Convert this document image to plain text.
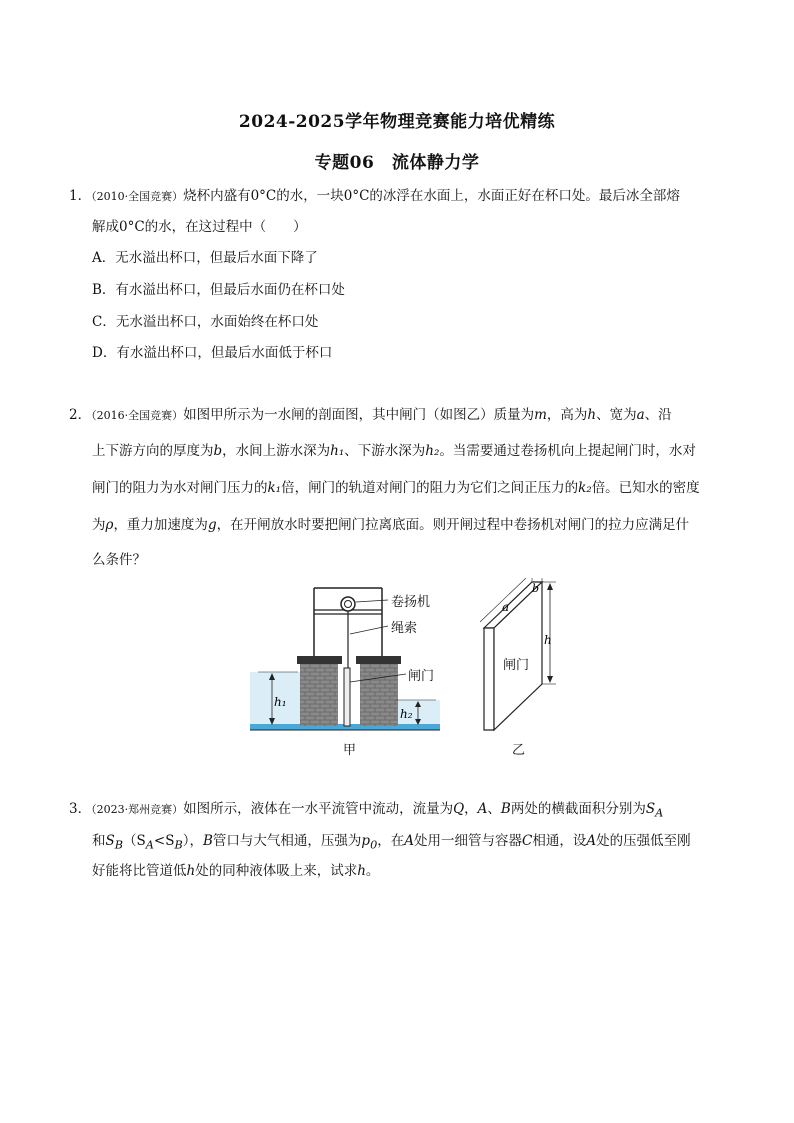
2024-2025学年物理竞赛能力培优精练
专题06　流体静力学
1．（2010·全国竞赛）烧杯内盛有0°C的水，一块0°C的冰浮在水面上，水面正好在杯口处。最后冰全部熔
解成0°C的水，在这过程中（　　）
A．无水溢出杯口，但最后水面下降了
B．有水溢出杯口，但最后水面仍在杯口处
C．无水溢出杯口，水面始终在杯口处
D．有水溢出杯口，但最后水面低于杯口
2．（2016·全国竞赛）如图甲所示为一水闸的剖面图，其中闸门（如图乙）质量为m，高为h、宽为a、沿
上下游方向的厚度为b，水间上游水深为h₁、下游水深为h₂。当需要通过卷扬机向上提起闸门时，水对
闸门的阻力为水对闸门压力的k₁倍，闸门的轨道对闸门的阻力为它们之间正压力的k₂倍。已知水的密度
为ρ，重力加速度为g，在开闸放水时要把闸门拉离底面。则开闸过程中卷扬机对闸门的拉力应满足什
么条件？
h₁
h₂
卷扬机
绳索
闸门
甲
h
a
b
闸门
乙
3．（2023·郑州竞赛）如图所示，液体在一水平流管中流动，流量为Q，A、B两处的横截面积分别为$S_A$
和$S_B(S_A<S_B)$，B管口与大气相通，压强为$p_0$，在A处用一细管与容器C相通，设A处的压强低至刚
好能将比管道低h处的同种液体吸上来，试求h。
